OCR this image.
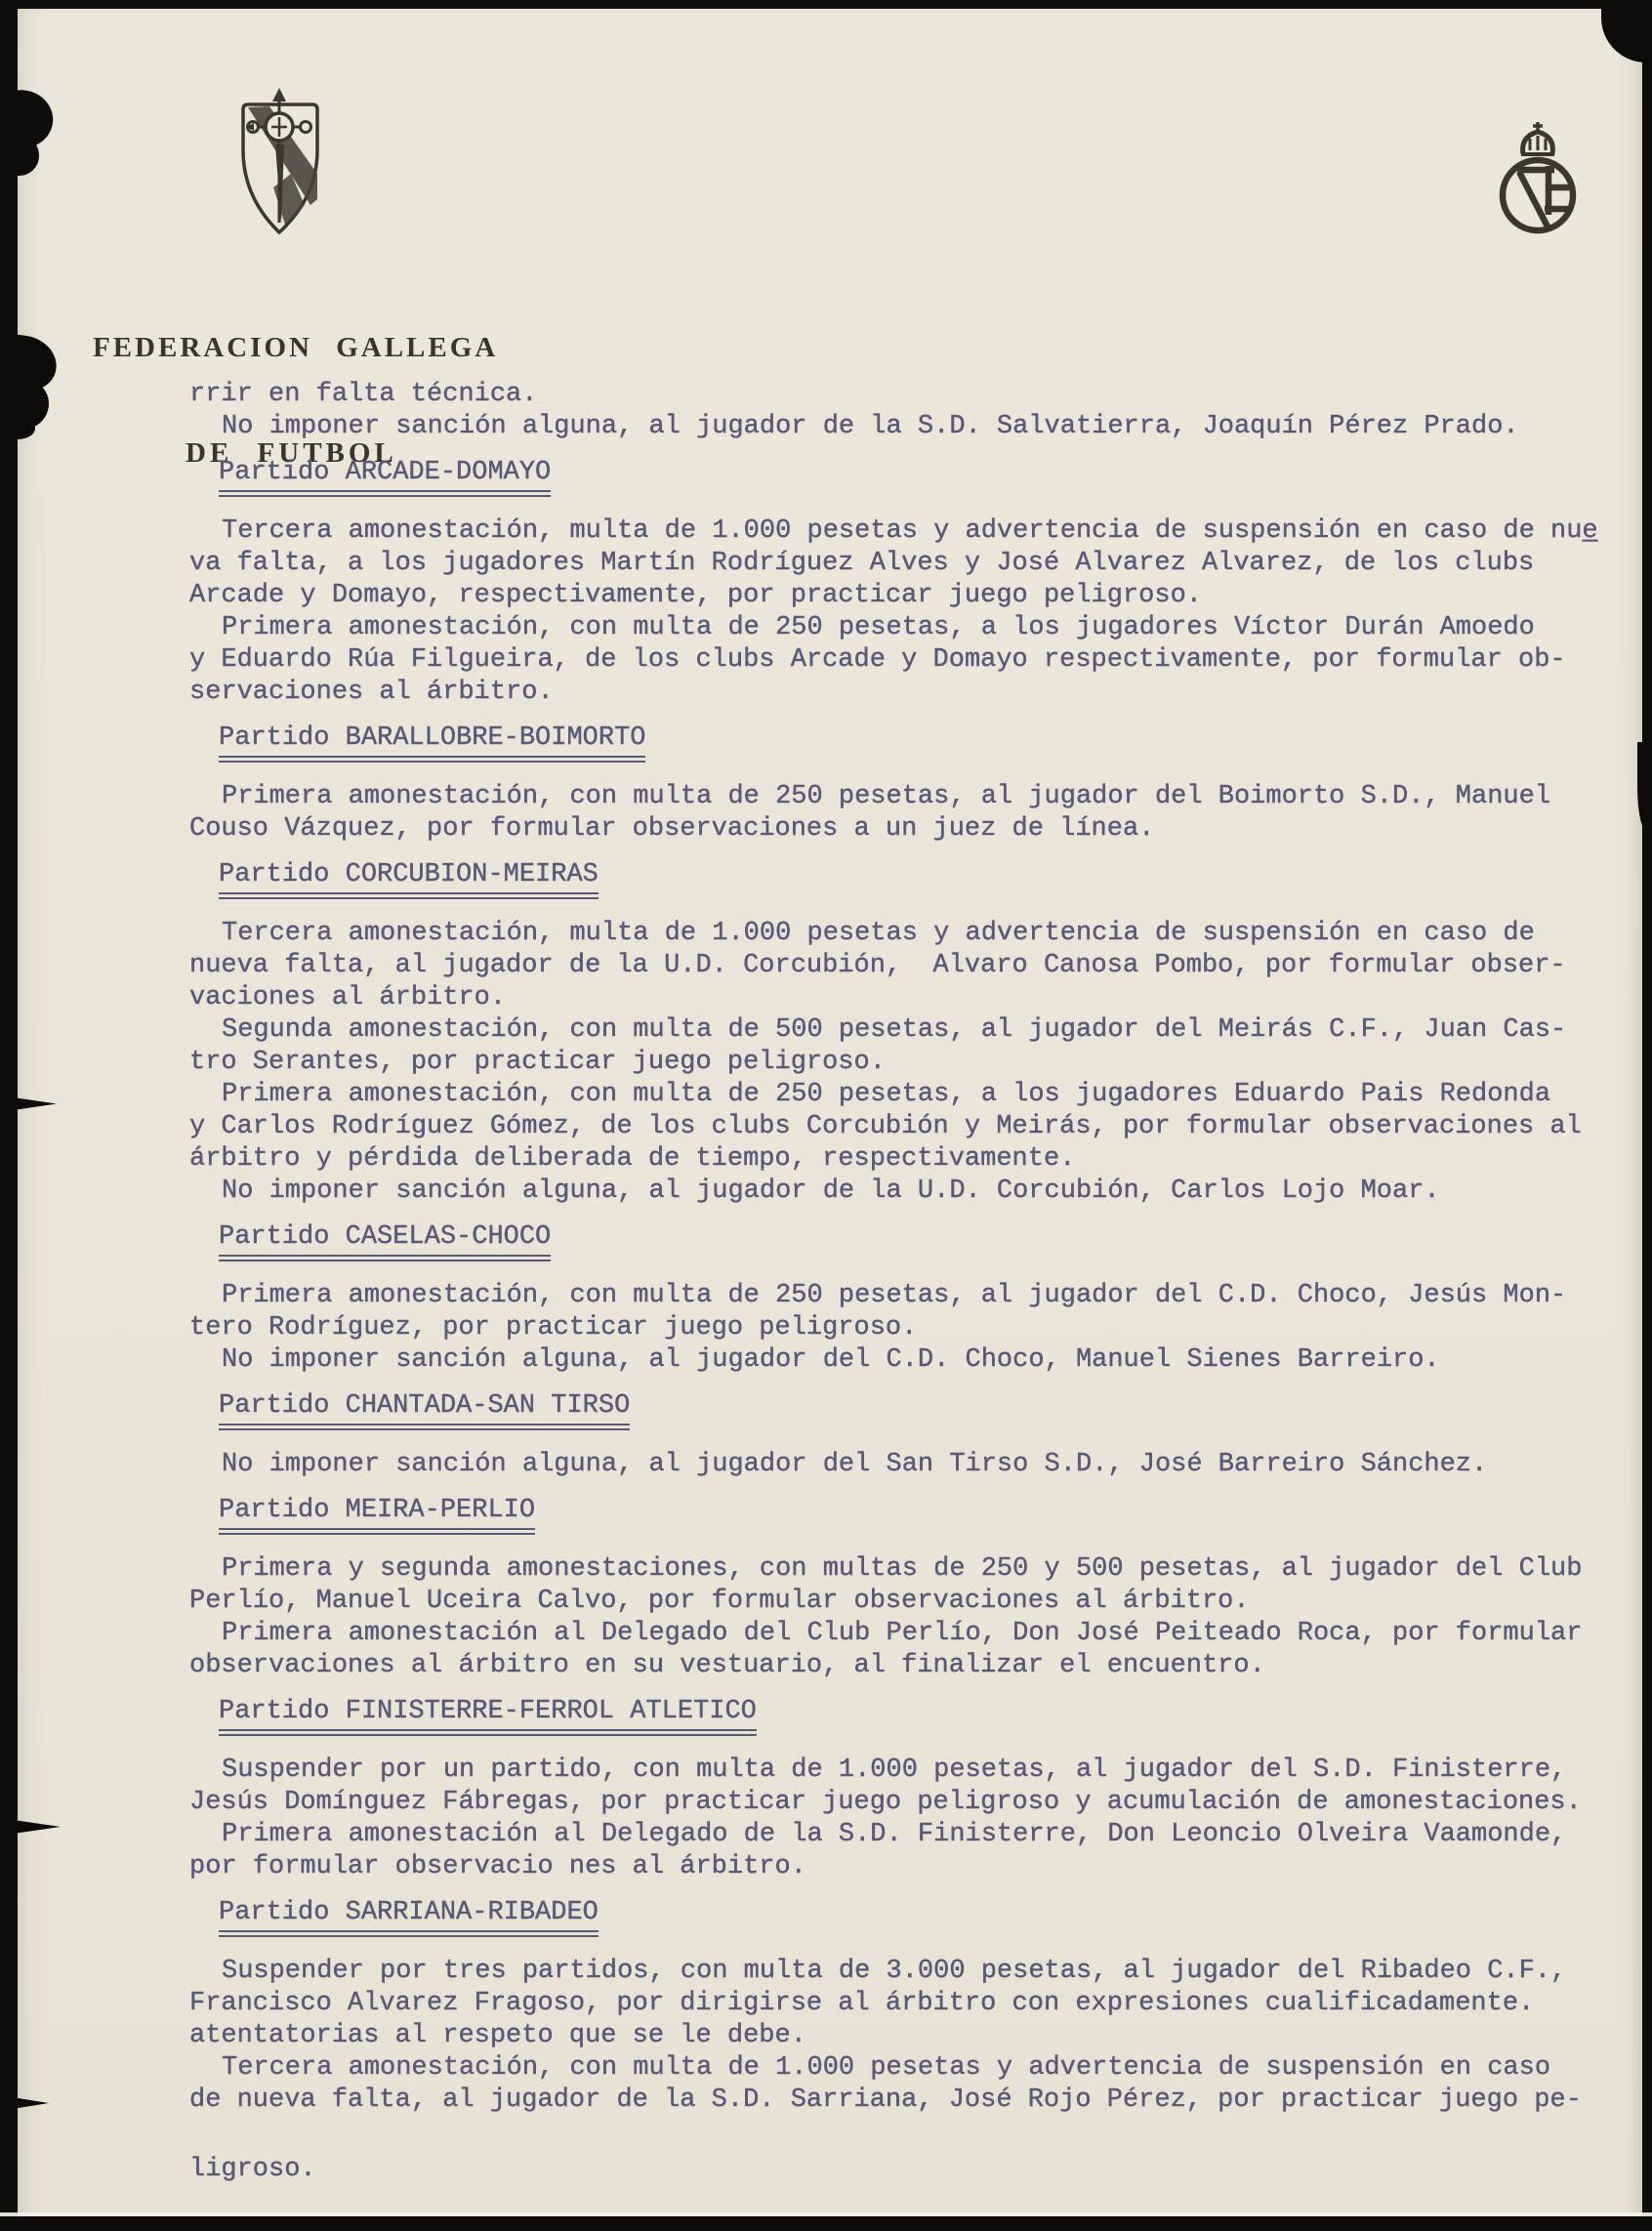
FEDERACION GALLEGA

DE FUTBOL

rrir en falta técnica.
No imponer sanción alguna, al jugador de la S.D. Salvatierra, Joaquín Pérez Prado.
Partido ARCADE-DOMAYO
Tercera amonestación, multa de 1.000 pesetas y advertencia de suspensión en caso de nue̲
va falta, a los jugadores Martín Rodríguez Alves y José Alvarez Alvarez, de los clubs
Arcade y Domayo, respectivamente, por practicar juego peligroso.
Primera amonestación, con multa de 250 pesetas, a los jugadores Víctor Durán Amoedo
y Eduardo Rúa Filgueira, de los clubs Arcade y Domayo respectivamente, por formular ob-
servaciones al árbitro.
Partido BARALLOBRE-BOIMORTO
Primera amonestación, con multa de 250 pesetas, al jugador del Boimorto S.D., Manuel
Couso Vázquez, por formular observaciones a un juez de línea.
Partido CORCUBION-MEIRAS
Tercera amonestación, multa de 1.000 pesetas y advertencia de suspensión en caso de
nueva falta, al jugador de la U.D. Corcubión,  Alvaro Canosa Pombo, por formular obser-
vaciones al árbitro.
Segunda amonestación, con multa de 500 pesetas, al jugador del Meirás C.F., Juan Cas-
tro Serantes, por practicar juego peligroso.
Primera amonestación, con multa de 250 pesetas, a los jugadores Eduardo Pais Redonda
y Carlos Rodríguez Gómez, de los clubs Corcubión y Meirás, por formular observaciones al
árbitro y pérdida deliberada de tiempo, respectivamente.
No imponer sanción alguna, al jugador de la U.D. Corcubión, Carlos Lojo Moar.
Partido CASELAS-CHOCO
Primera amonestación, con multa de 250 pesetas, al jugador del C.D. Choco, Jesús Mon-
tero Rodríguez, por practicar juego peligroso.
No imponer sanción alguna, al jugador del C.D. Choco, Manuel Sienes Barreiro.
Partido CHANTADA-SAN TIRSO
No imponer sanción alguna, al jugador del San Tirso S.D., José Barreiro Sánchez.
Partido MEIRA-PERLIO
Primera y segunda amonestaciones, con multas de 250 y 500 pesetas, al jugador del Club
Perlío, Manuel Uceira Calvo, por formular observaciones al árbitro.
Primera amonestación al Delegado del Club Perlío, Don José Peiteado Roca, por formular
observaciones al árbitro en su vestuario, al finalizar el encuentro.
Partido FINISTERRE-FERROL ATLETICO
Suspender por un partido, con multa de 1.000 pesetas, al jugador del S.D. Finisterre,
Jesús Domínguez Fábregas, por practicar juego peligroso y acumulación de amonestaciones.
Primera amonestación al Delegado de la S.D. Finisterre, Don Leoncio Olveira Vaamonde,
por formular observacio nes al árbitro.
Partido SARRIANA-RIBADEO
Suspender por tres partidos, con multa de 3.000 pesetas, al jugador del Ribadeo C.F.,
Francisco Alvarez Fragoso, por dirigirse al árbitro con expresiones cualificadamente.
atentatorias al respeto que se le debe.
Tercera amonestación, con multa de 1.000 pesetas y advertencia de suspensión en caso
de nueva falta, al jugador de la S.D. Sarriana, José Rojo Pérez, por practicar juego pe-
ligroso.
